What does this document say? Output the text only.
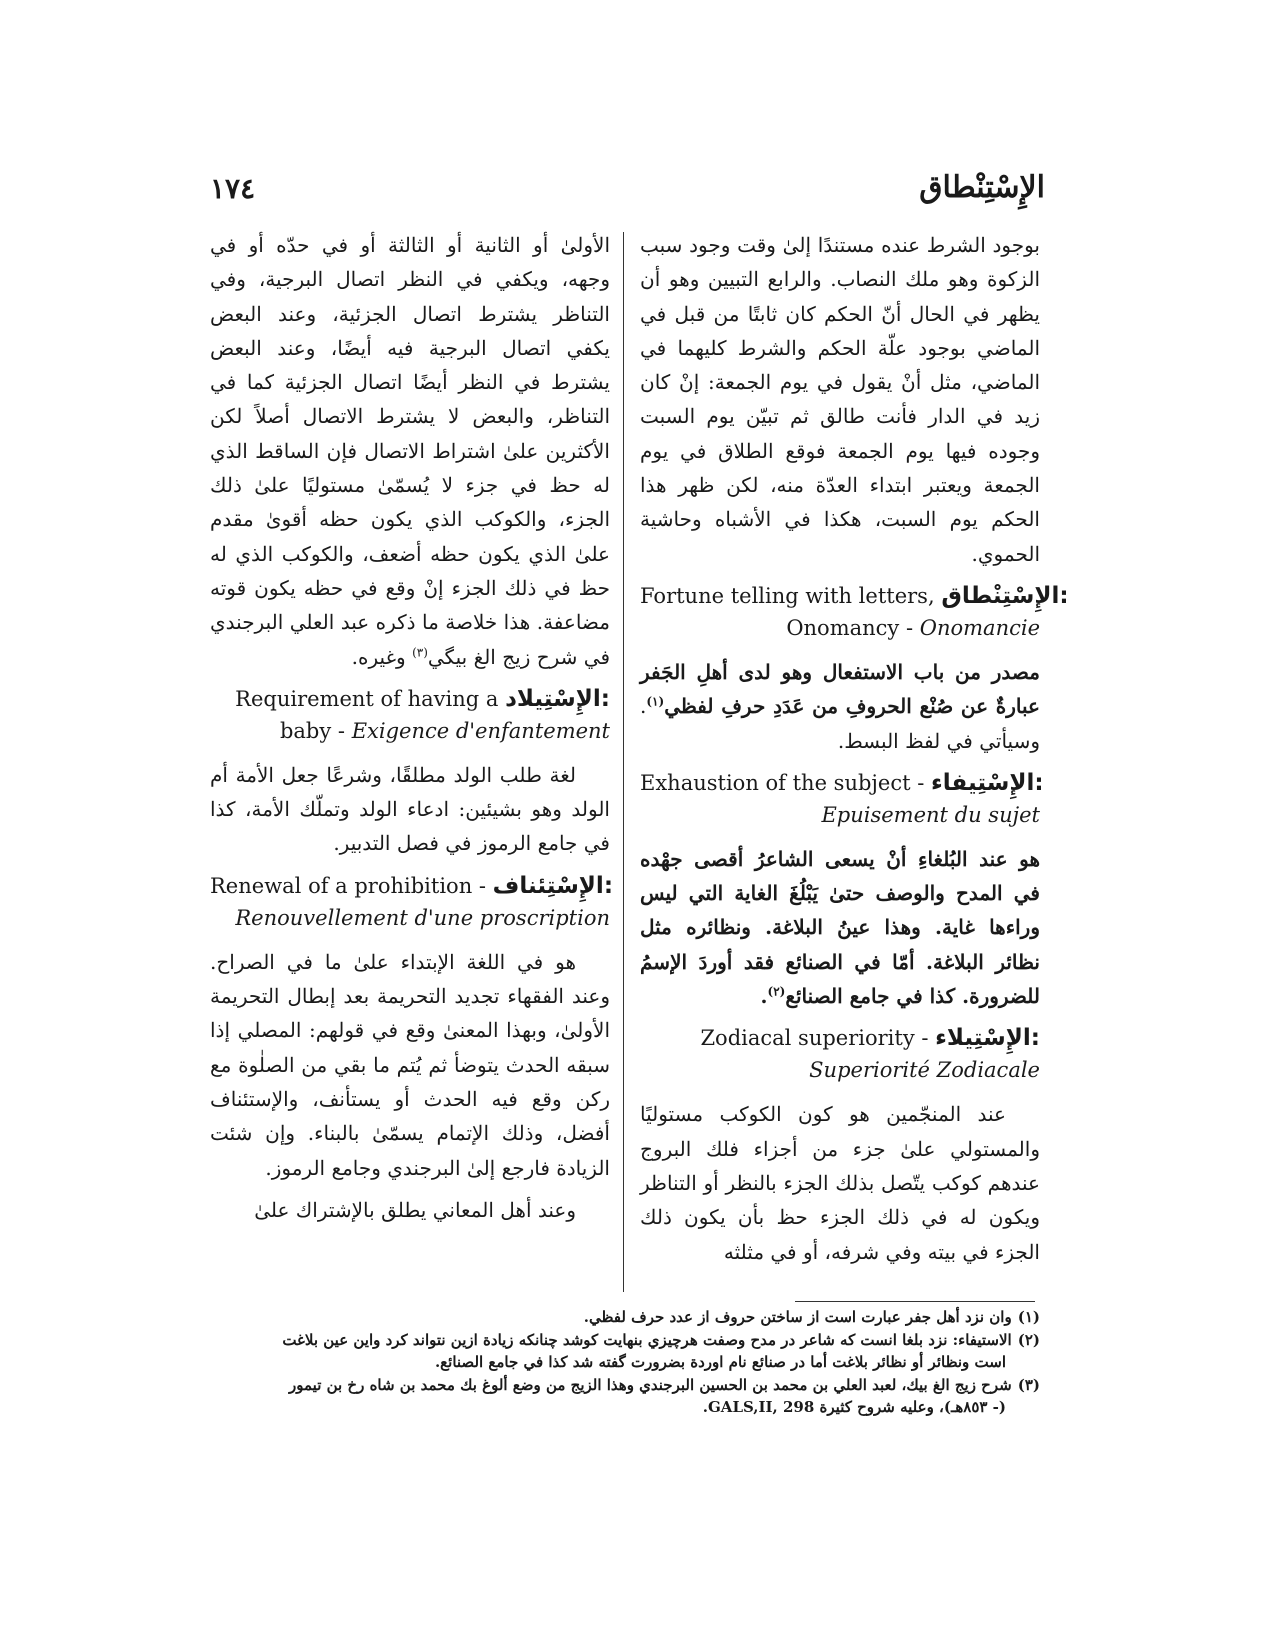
الإِسْتِنْطاق
١٧٤

بوجود الشرط عنده مستندًا إلىٰ وقت وجود سبب الزكوة وهو ملك النصاب. والرابع التبيين وهو أن يظهر في الحال أنّ الحكم كان ثابتًا من قبل في الماضي بوجود علّة الحكم والشرط كليهما في الماضي، مثل أنْ يقول في يوم الجمعة: إنْ كان زيد في الدار فأنت طالق ثم تبيّن يوم السبت وجوده فيها يوم الجمعة فوقع الطلاق في يوم الجمعة ويعتبر ابتداء العدّة منه، لكن ظهر هذا الحكم يوم السبت، هكذا في الأشباه وحاشية الحموي.

Fortune telling with letters, الإِسْتِنْطاق:
Onomancy - Onomancie

مصدر من باب الاستفعال وهو لدى أهلِ الجَفر عبارةٌ عن صُنْع الحروفِ من عَدَدِ حرفِ لفظي$^{(١)}$. وسيأتي في لفظ البسط.

Exhaustion of the subject - الإِسْتِيفاء:
Epuisement du sujet

هو عند البُلغاءِ أنْ يسعى الشاعرُ أقصى جهْده في المدح والوصف حتىٰ يَبْلُغَ الغاية التي ليس وراءها غاية. وهذا عينُ البلاغة. ونظائره مثل نظائر البلاغة. أمّا في الصنائع فقد أوردَ الإسمُ للضرورة. كذا في جامع الصنائع$^{(٢)}$.

Zodiacal superiority - الإِسْتِيلاء:
Superiorité Zodiacale

عند المنجّمين هو كون الكوكب مستوليًا والمستولي علىٰ جزء من أجزاء فلك البروج عندهم كوكب يتّصل بذلك الجزء بالنظر أو التناظر ويكون له في ذلك الجزء حظ بأن يكون ذلك الجزء في بيته وفي شرفه، أو في مثلثه

الأولىٰ أو الثانية أو الثالثة أو في حدّه أو في وجهه، ويكفي في النظر اتصال البرجية، وفي التناظر يشترط اتصال الجزئية، وعند البعض يكفي اتصال البرجية فيه أيضًا، وعند البعض يشترط في النظر أيضًا اتصال الجزئية كما في التناظر، والبعض لا يشترط الاتصال أصلاً لكن الأكثرين علىٰ اشتراط الاتصال فإن الساقط الذي له حظ في جزء لا يُسمّىٰ مستوليًا علىٰ ذلك الجزء، والكوكب الذي يكون حظه أقوىٰ مقدم علىٰ الذي يكون حظه أضعف، والكوكب الذي له حظ في ذلك الجزء إنْ وقع في حظه يكون قوته مضاعفة. هذا خلاصة ما ذكره عبد العلي البرجندي في شرح زيج الغ بيگي$^{(٣)}$ وغيره.

Requirement of having a الإِسْتِيلاد:
baby - Exigence d'enfantement

لغة طلب الولد مطلقًا، وشرعًا جعل الأمة أم الولد وهو بشيئين: ادعاء الولد وتملّك الأمة، كذا في جامع الرموز في فصل التدبير.

Renewal of a prohibition - الإِسْتِئناف:
Renouvellement d'une proscription

هو في اللغة الإبتداء علىٰ ما في الصراح. وعند الفقهاء تجديد التحريمة بعد إبطال التحريمة الأولىٰ، وبهذا المعنىٰ وقع في قولهم: المصلي إذا سبقه الحدث يتوضأ ثم يُتم ما بقي من الصلٰوة مع ركن وقع فيه الحدث أو يستأنف، والإستئناف أفضل، وذلك الإتمام يسمّىٰ بالبناء. وإن شئت الزيادة فارجع إلىٰ البرجندي وجامع الرموز.

وعند أهل المعاني يطلق بالإشتراك علىٰ

(١)وان نزد أهل جفر عبارت است از ساختن حروف از عدد حرف لفظي.

(٢)الاستيفاء: نزد بلغا انست كه شاعر در مدح وصفت هرچيزي بنهايت كوشد چنانكه زيادة ازين نتواند كرد واين عين بلاغت

است ونظائر أو نظائر بلاغت أما در صنائع نام اوردة بضرورت گفته شد كذا في جامع الصنائع.

(٣)شرح زيج الغ بيك، لعبد العلي بن محمد بن الحسين البرجندي وهذا الزيج من وضع ألوغ بك محمد بن شاه رخ بن تيمور

(- ٨٥٣هـ)، وعليه شروح كثيرة GALS,II, 298.
